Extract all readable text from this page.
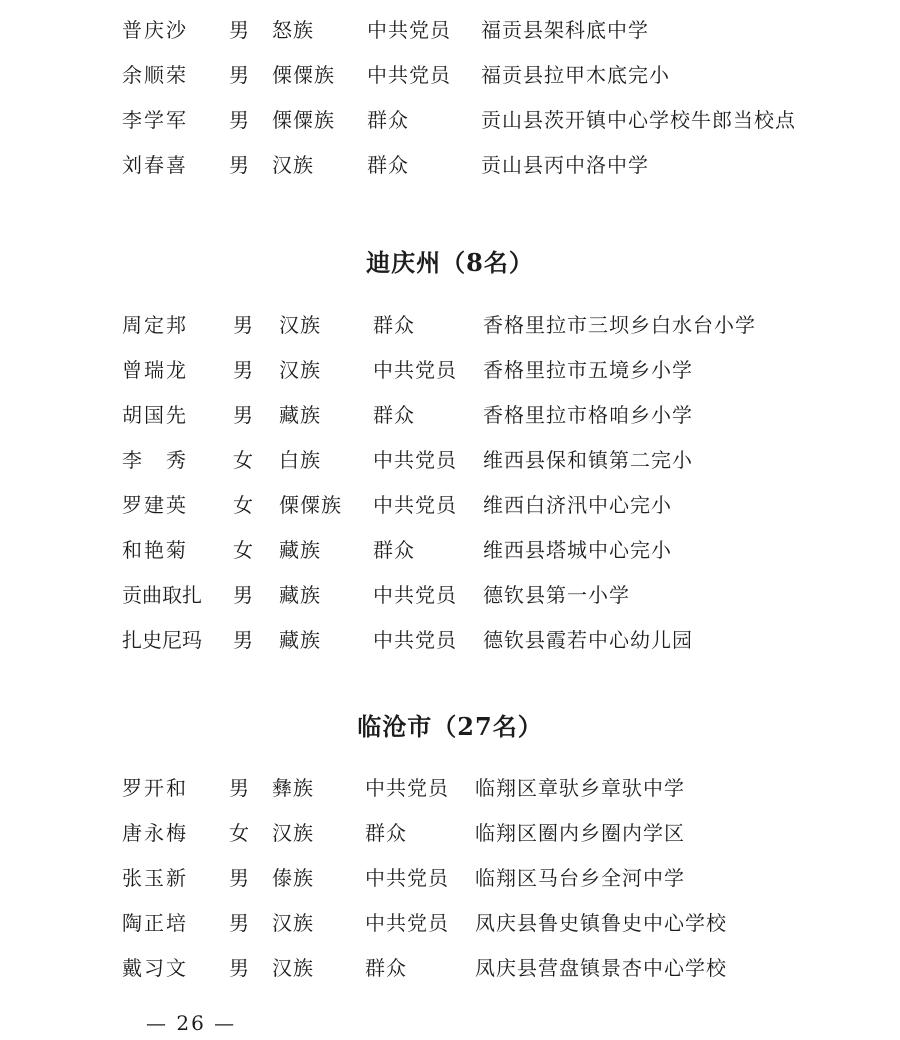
普庆沙 男 怒族	中共党员 福贡县架科底中学
余顺荣 男 傈僳族 中共党员 福贡县拉甲木底完小
李学军 男 傈僳族 群众	贡山县茨开镇中心学校牛郎当校点
刘春喜 男 汉族	群众	贡山县丙中洛中学
迪庆州（8名）
周定邦 男 汉族	群众	香格里拉市三坝乡白水台小学
曾瑞龙 男 汉族	中共党员 香格里拉市五境乡小学
胡国先 男 藏族	群众	香格里拉市格咱乡小学
李　秀 女 白族	中共党员 维西县保和镇第二完小
罗建英 女 傈僳族 中共党员 维西白济汛中心完小
和艳菊 女 藏族	群众	维西县塔城中心完小
贡曲取扎 男 藏族	中共党员 德钦县第一小学
扎史尼玛 男 藏族	中共党员 德钦县霞若中心幼儿园
临沧市（27名）
罗开和 男 彝族	中共党员 临翔区章驮乡章驮中学
唐永梅 女 汉族	群众	临翔区圈内乡圈内学区
张玉新 男 傣族	中共党员 临翔区马台乡全河中学
陶正培 男 汉族	中共党员 凤庆县鲁史镇鲁史中心学校
戴习文 男 汉族	群众	凤庆县营盘镇景杏中心学校
— 26 —
